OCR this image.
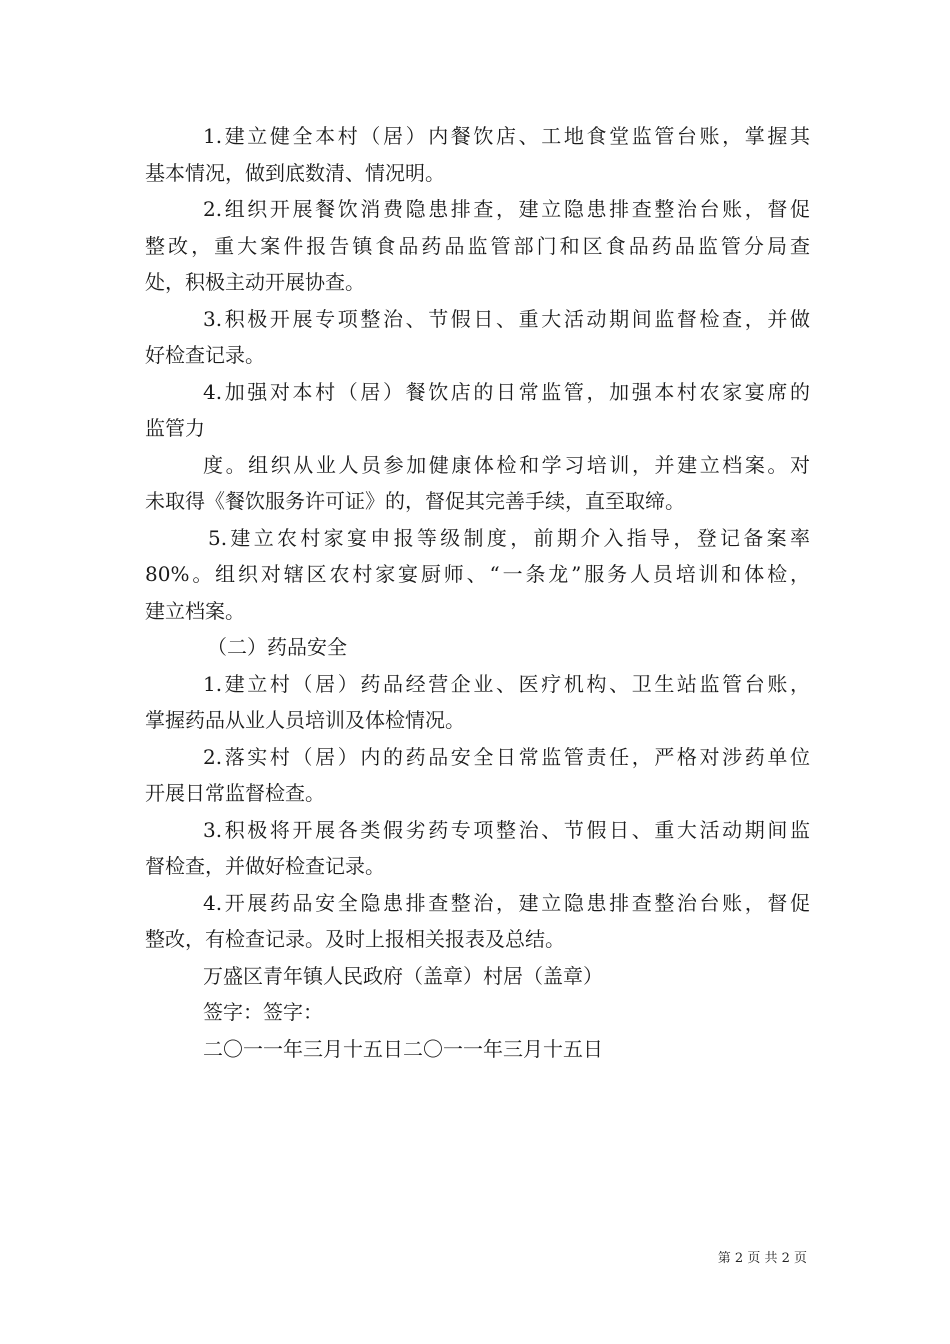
1.建立健全本村（居）内餐饮店、工地食堂监管台账，掌握其
基本情况，做到底数清、情况明。
2.组织开展餐饮消费隐患排查，建立隐患排查整治台账，督促
整改，重大案件报告镇食品药品监管部门和区食品药品监管分局查
处，积极主动开展协查。
3.积极开展专项整治、节假日、重大活动期间监督检查，并做
好检查记录。
4.加强对本村（居）餐饮店的日常监管，加强本村农家宴席的
监管力
度。组织从业人员参加健康体检和学习培训，并建立档案。对
未取得《餐饮服务许可证》的，督促其完善手续，直至取缔。
5.建立农村家宴申报等级制度，前期介入指导，登记备案率
80%。组织对辖区农村家宴厨师、“一条龙”服务人员培训和体检，
建立档案。
（二）药品安全
1.建立村（居）药品经营企业、医疗机构、卫生站监管台账，
掌握药品从业人员培训及体检情况。
2.落实村（居）内的药品安全日常监管责任，严格对涉药单位
开展日常监督检查。
3.积极将开展各类假劣药专项整治、节假日、重大活动期间监
督检查，并做好检查记录。
4.开展药品安全隐患排查整治，建立隐患排查整治台账，督促
整改，有检查记录。及时上报相关报表及总结。
万盛区青年镇人民政府（盖章）村居（盖章）
签字：签字：
二〇一一年三月十五日二〇一一年三月十五日
第 2 页 共 2 页
